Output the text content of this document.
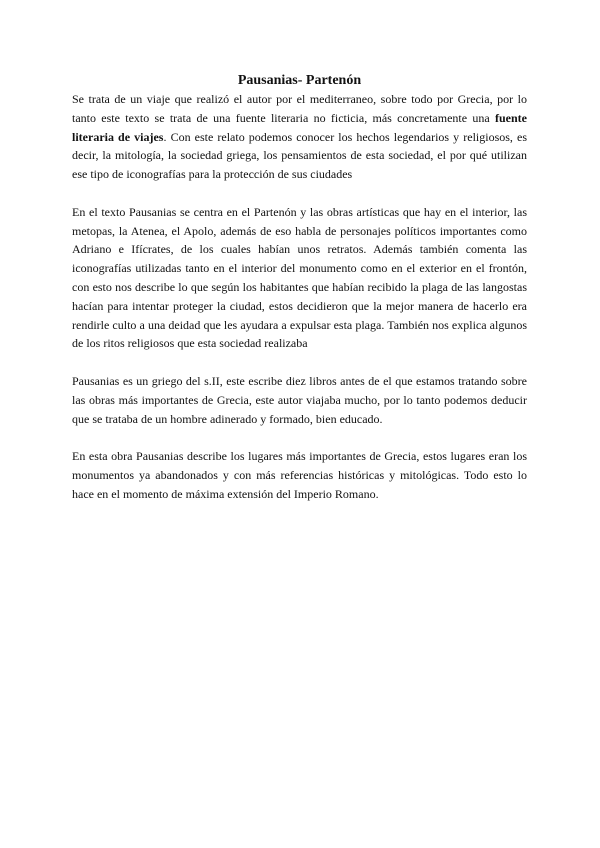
Pausanias- Partenón

Se trata de un viaje que realizó el autor por el mediterraneo, sobre todo por Grecia, por lo tanto este texto se trata de una fuente literaria no ficticia, más concretamente una fuente literaria de viajes. Con este relato podemos conocer los hechos legendarios y religiosos, es decir, la mitología, la sociedad griega, los pensamientos de esta sociedad, el por qué utilizan ese tipo de iconografías para la protección de sus ciudades

En el texto Pausanias se centra en el Partenón y las obras artísticas que hay en el interior, las metopas, la Atenea, el Apolo, además de eso habla de personajes políticos importantes como Adriano e Ifícrates, de los cuales habían unos retratos. Además también comenta las iconografías utilizadas tanto en el interior del monumento como en el exterior en el frontón, con esto nos describe lo que según los habitantes que habían recibido la plaga de las langostas hacían para intentar proteger la ciudad, estos decidieron que la mejor manera de hacerlo era rendirle culto a una deidad que les ayudara a expulsar esta plaga. También nos explica algunos de los ritos religiosos que esta sociedad realizaba

Pausanias es un griego del s.II, este escribe diez libros antes de el que estamos tratando sobre las obras más importantes de Grecia, este autor viajaba mucho, por lo tanto podemos deducir que se trataba de un hombre adinerado y formado, bien educado.

En esta obra Pausanias describe los lugares más importantes de Grecia, estos lugares eran los monumentos ya abandonados y con más referencias históricas y mitológicas. Todo esto lo hace en el momento de máxima extensión del Imperio Romano.
